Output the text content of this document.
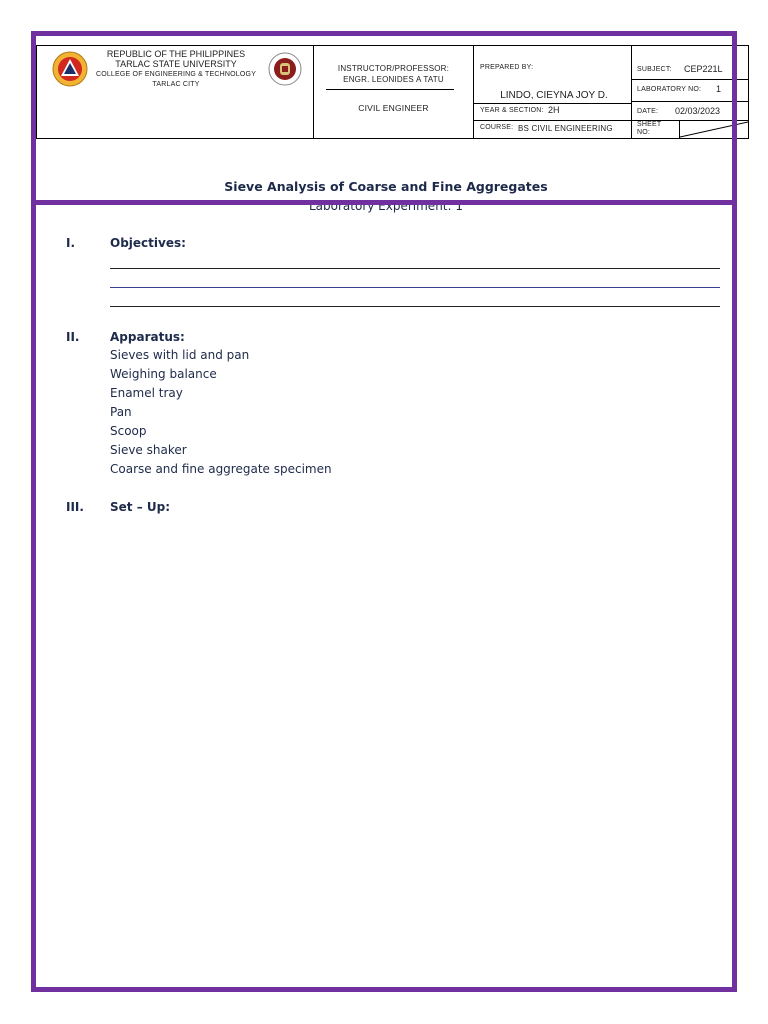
REPUBLIC OF THE PHILIPPINES
TARLAC STATE UNIVERSITY
COLLEGE OF ENGINEERING & TECHNOLOGY
TARLAC CITY
INSTRUCTOR/PROFESSOR:
ENGR. LEONIDES A TATU
CIVIL ENGINEER
PREPARED BY:
LINDO, CIEYNA JOY D.
YEAR & SECTION: 2H
COURSE: BS CIVIL ENGINEERING
SUBJECT: CEP221L
LABORATORY NO: 1
DATE: 02/03/2023
SHEET
NO:
Sieve Analysis of Coarse and Fine Aggregates
Laboratory Experiment: 1
I.	Objectives:
II.	Apparatus:
Sieves with lid and pan
Weighing balance
Enamel tray
Pan
Scoop
Sieve shaker
Coarse and fine aggregate specimen
III. Set – Up:
